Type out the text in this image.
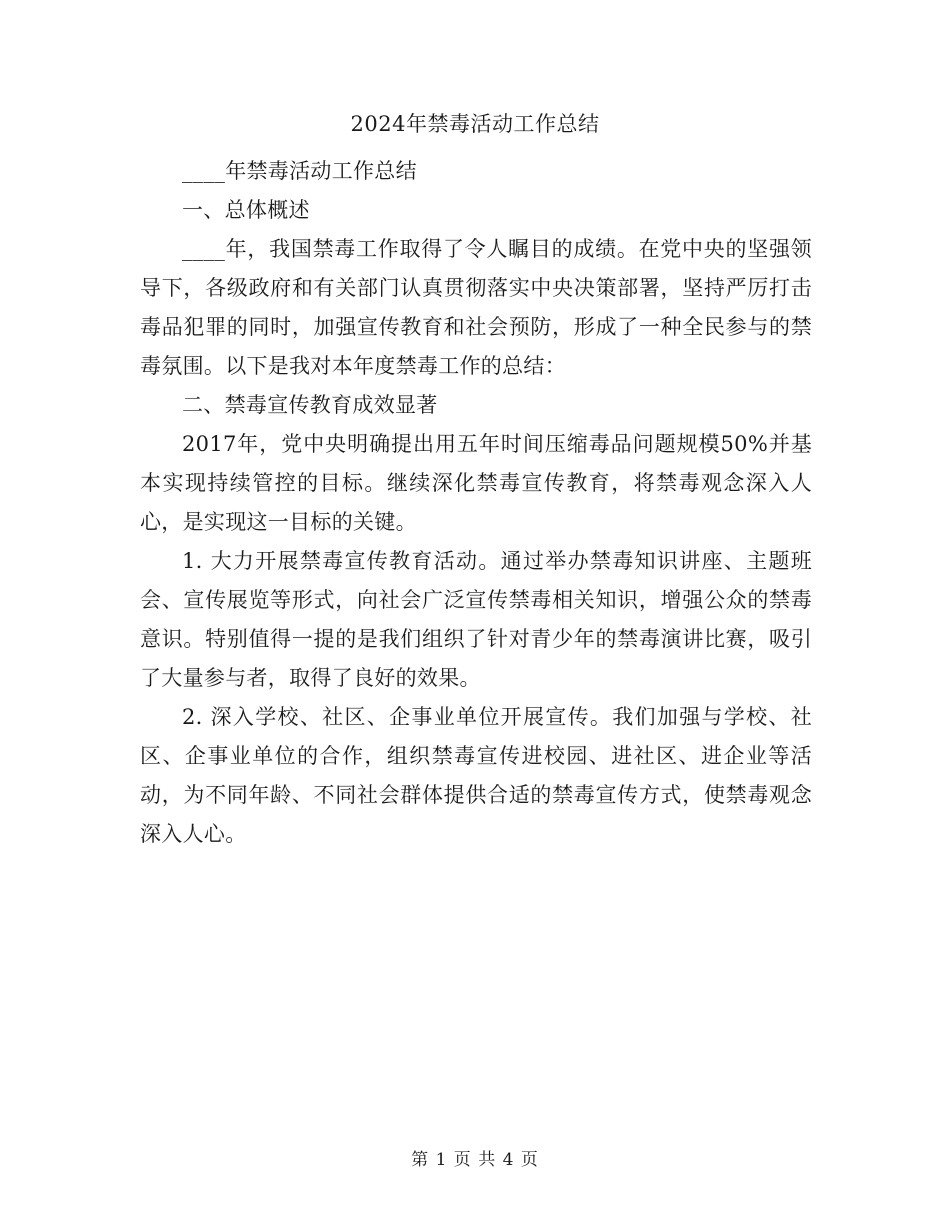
2024年禁毒活动工作总结

____年禁毒活动工作总结

一、总体概述

____年，我国禁毒工作取得了令人瞩目的成绩。在党中央的坚强领导下，各级政府和有关部门认真贯彻落实中央决策部署，坚持严厉打击毒品犯罪的同时，加强宣传教育和社会预防，形成了一种全民参与的禁毒氛围。以下是我对本年度禁毒工作的总结：

二、禁毒宣传教育成效显著

2017年，党中央明确提出用五年时间压缩毒品问题规模50%并基本实现持续管控的目标。继续深化禁毒宣传教育，将禁毒观念深入人心，是实现这一目标的关键。

1. 大力开展禁毒宣传教育活动。通过举办禁毒知识讲座、主题班会、宣传展览等形式，向社会广泛宣传禁毒相关知识，增强公众的禁毒意识。特别值得一提的是我们组织了针对青少年的禁毒演讲比赛，吸引了大量参与者，取得了良好的效果。

2. 深入学校、社区、企事业单位开展宣传。我们加强与学校、社区、企事业单位的合作，组织禁毒宣传进校园、进社区、进企业等活动，为不同年龄、不同社会群体提供合适的禁毒宣传方式，使禁毒观念深入人心。

第 1 页 共 4 页
